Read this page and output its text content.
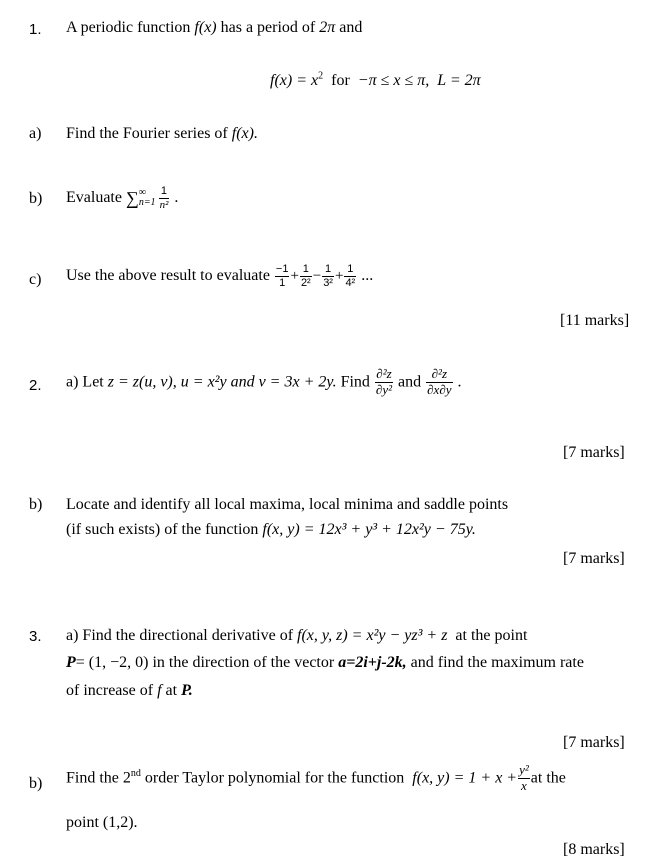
1. A periodic function f(x) has a period of 2π and
$f(x) = x^2$ for −π ≤ x ≤ π, L = 2π
a) Find the Fourier series of f(x).
b) Evaluate ∑ ∞
$n=1 \frac{1}{\text{n²}}$ .
c) Use the above result to evaluate $\frac{-1}{1} + \frac{1}{\text{2²}} - \frac{1}{\text{3²}} + \frac{1}{\text{4²}}$ ...
[11 marks]
2. a) Let z = z(u, v), u = x²y and v = 3x + 2y. Find $\frac{\text{∂²z}}{\text{∂y²}}$ and $\frac{\text{∂²z}}{\partial x\partial y}$ .
[7 marks]
b) Locate and identify all local maxima, local minima and saddle points
(if such exists) of the function f(x, y) = 12x³ + y³ + 12x²y − 75y.
[7 marks]
3. a) Find the directional derivative of f(x, y, z) = x²y − yz³ + z at the point
P= (1, −2, 0) in the direction of the vector a=2i+j-2k, and find the maximum rate
of increase of f at P.
[7 marks]
b) Find the 2nd order Taylor polynomial for the function f(x, $y) = 1 + x + \frac{\text{y²}}{x}$ at the
point (1,2).
[8 marks]
